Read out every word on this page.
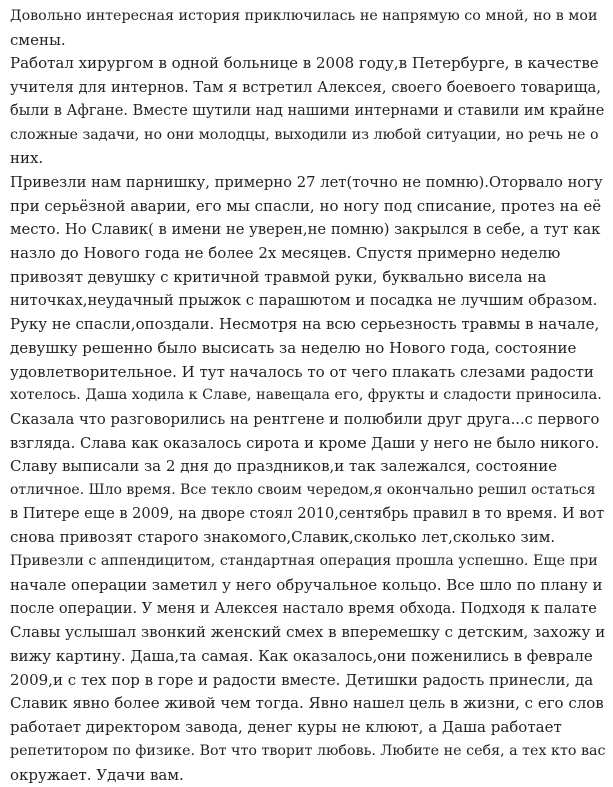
Довольно интересная история приключилась не напрямую со мной, но в мои
смены.
Работал хирургом в одной больнице в 2008 году,в Петербурге, в качестве
учителя для интернов. Там я встретил Алексея, своего боевоего товарища,
были в Афгане. Вместе шутили над нашими интернами и ставили им крайне
сложные задачи, но они молодцы, выходили из любой ситуации, но речь не о
них.
Привезли нам парнишку, примерно 27 лет(точно не помню).Оторвало ногу
при серьёзной аварии, его мы спасли, но ногу под списание, протез на её
место. Но Славик( в имени не уверен,не помню) закрылся в себе, а тут как
назло до Нового года не более 2х месяцев. Спустя примерно неделю
привозят девушку с критичной травмой руки, буквально висела на
ниточках,неудачный прыжок с парашютом и посадка не лучшим образом.
Руку не спасли,опоздали. Несмотря на всю серьезность травмы в начале,
девушку решенно было высисать за неделю но Нового года, состояние
удовлетворительное. И тут началось то от чего плакать слезами радости
хотелось. Даша ходила к Славе, навещала его, фрукты и сладости приносила.
Сказала что разговорились на рентгене и полюбили друг друга...с первого
взгляда. Слава как оказалось сирота и кроме Даши у него не было никого.
Славу выписали за 2 дня до праздников,и так залежался, состояние
отличное. Шло время. Все текло своим чередом,я окончально решил остаться
в Питере еще в 2009, на дворе стоял 2010,сентябрь правил в то время. И вот
снова привозят старого знакомого,Славик,сколько лет,сколько зим.
Привезли с аппендицитом, стандартная операция прошла успешно. Еще при
начале операции заметил у него обручальное кольцо. Все шло по плану и
после операции. У меня и Алексея настало время обхода. Подходя к палате
Славы услышал звонкий женский смех в вперемешку с детским, захожу и
вижу картину. Даша,та самая. Как оказалось,они поженились в феврале
2009,и с тех пор в горе и радости вместе. Детишки радость принесли, да
Славик явно более живой чем тогда. Явно нашел цель в жизни, с его слов
работает директором завода, денег куры не клюют, а Даша работает
репетитором по физике. Вот что творит любовь. Любите не себя, а тех кто вас
окружает. Удачи вам.
